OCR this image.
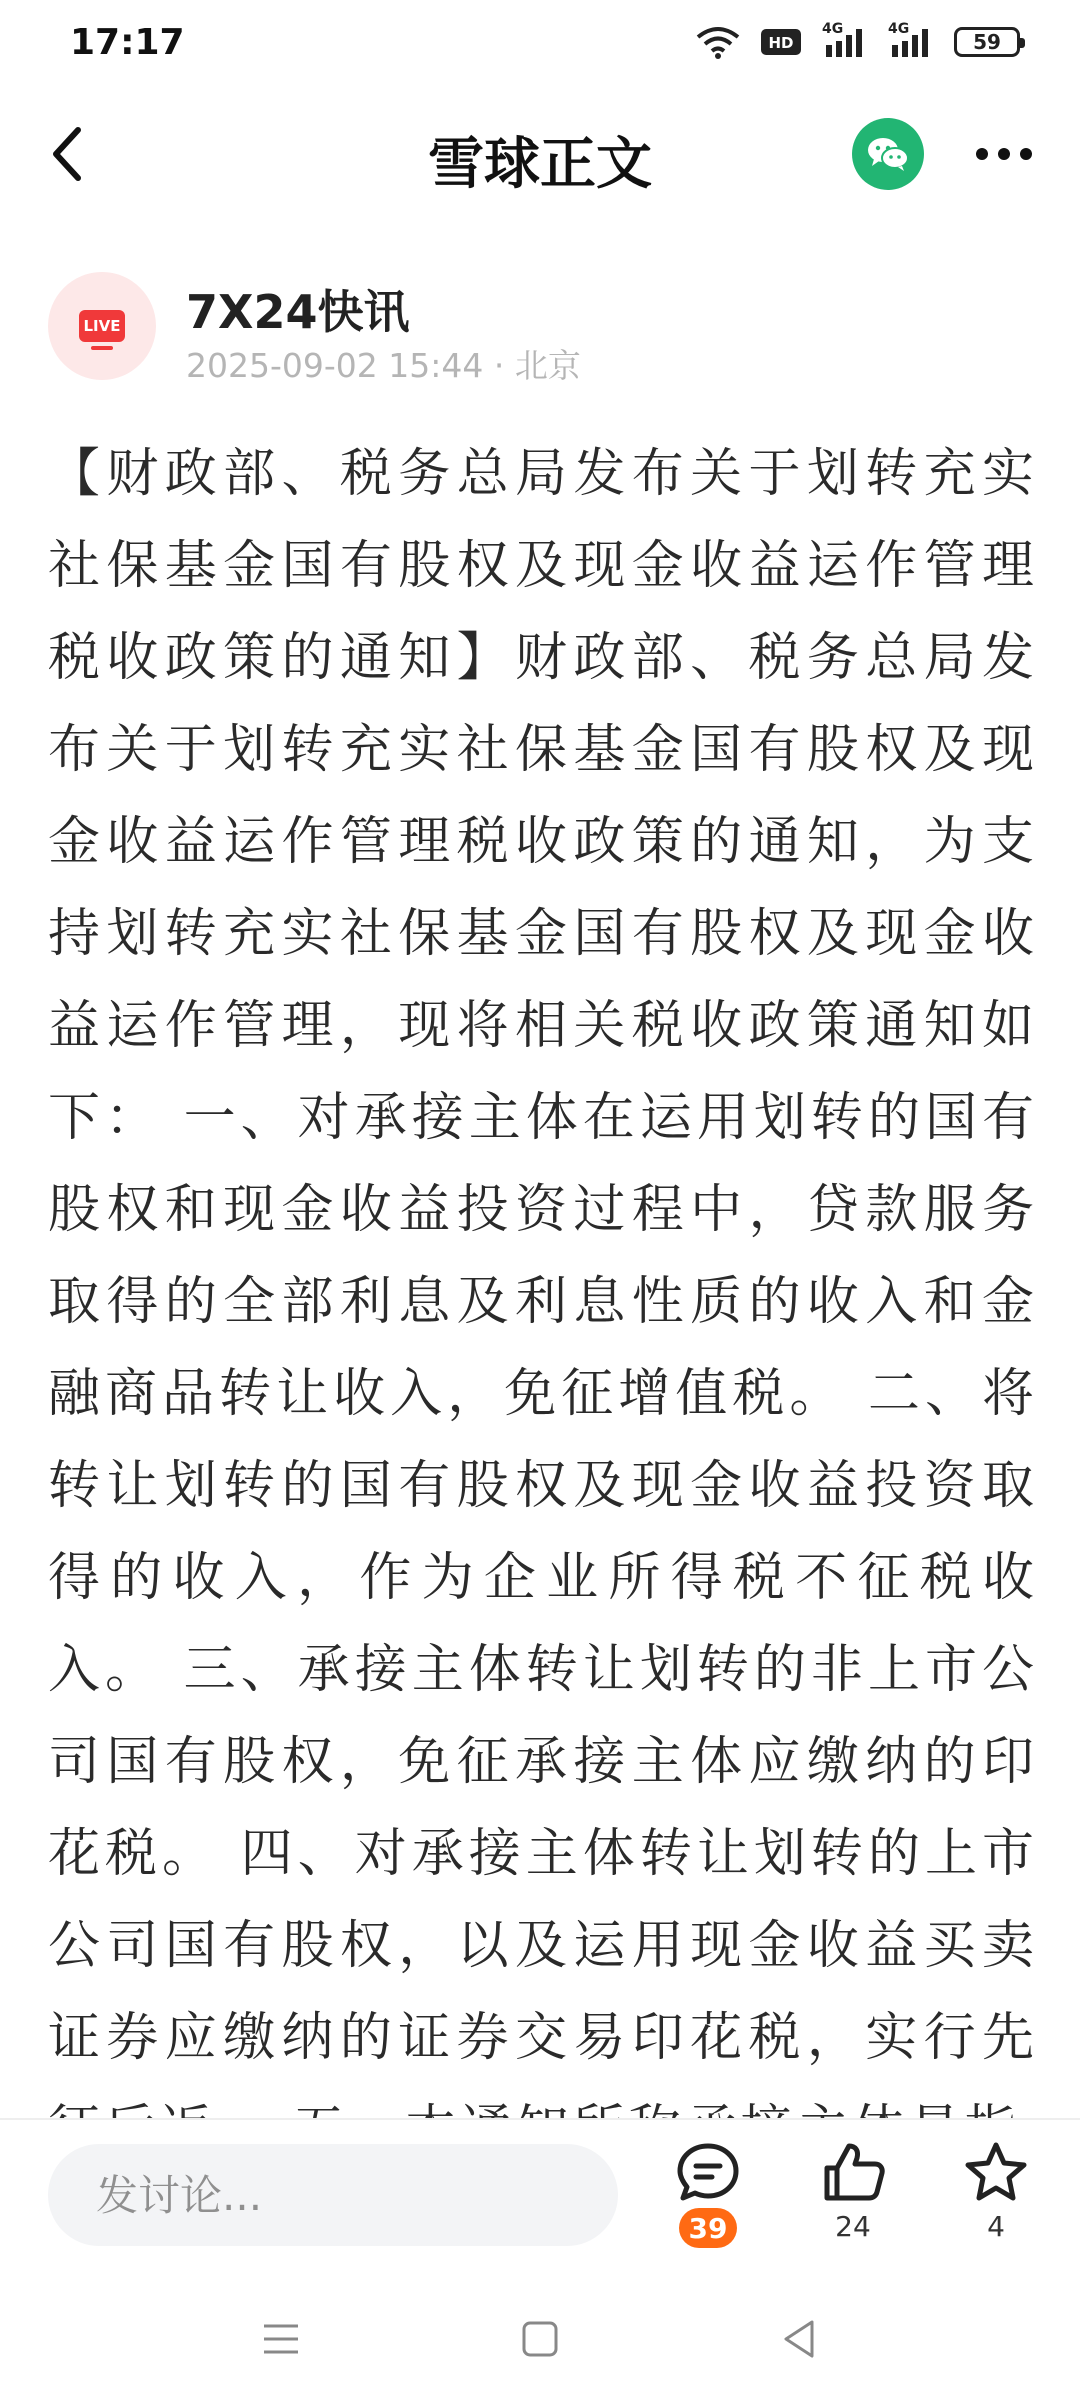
17:17	HD
4G	4G
59
雪球正文
LIVE 7X24快讯
2025-09-02 15:44 · 北京
【财政部、税务总局发布关于划转充实社保基金国有股权及现金收益运作管理税收政策的通知】财政部、税务总局发布关于划转充实社保基金国有股权及现金收益运作管理税收政策的通知，为支持划转充实社保基金国有股权及现金收益运作管理，现将相关税收政策通知如下： 一、对承接主体在运用划转的国有股权和现金收益投资过程中，贷款服务取得的全部利息及利息性质的收入和金融商品转让收入，免征增值税。 二、将转让划转的国有股权及现金收益投资取得的收入，作为企业所得税不征税收入。 三、承接主体转让划转的非上市公司国有股权，免征承接主体应缴纳的印花税。 四、对承接主体转让划转的上市公司国有股权，以及运用现金收益买卖证券应缴纳的证券交易印花税，实行先
发讨论...
39	24	4
